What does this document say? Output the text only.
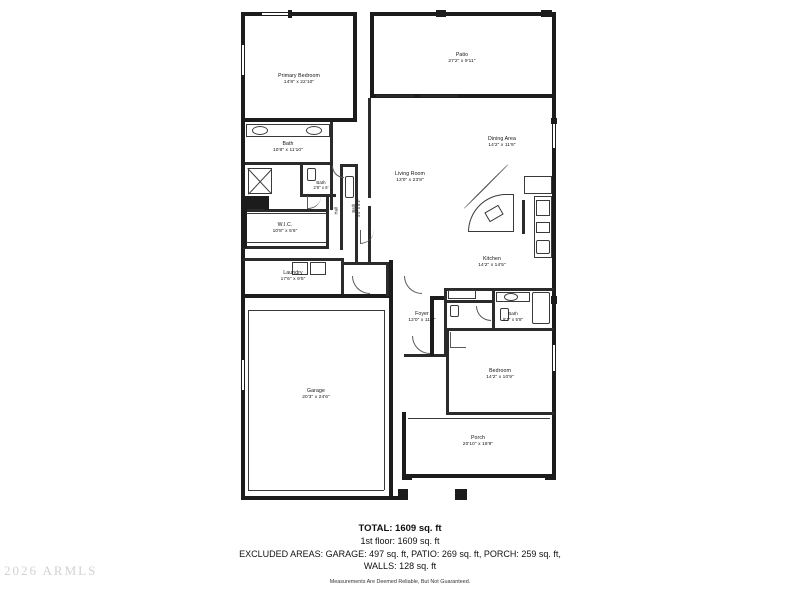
Primary Bedroom
14'8" x 22'10"
Patio
27'2" x 9'11"
Bath
10'8" x 11'10"
Dining Area
14'2" x 11'9"
Bath
2'8" x 6'
Living Room
13'0" x 23'8"
W.I.C.
10'8" x 5'6"
Kitchen
14'2" x 14'5"
Laundry
17'6" x 9'5"
Foyer
12'0" x 11'6"
Bath
9'1" x 5'8"
Garage
20'3" x 24'6"
Bedroom
14'2" x 10'9"
Porch
20'10" x 18'9"
Hall	Bath 4'0" x 8'4"
TOTAL: 1609 sq. ft
1st floor: 1609 sq. ft
EXCLUDED AREAS: GARAGE: 497 sq. ft, PATIO: 269 sq. ft, PORCH: 259 sq. ft,
WALLS: 128 sq. ft
Measurements Are Deemed Reliable, But Not Guaranteed.
2026 ARMLS
